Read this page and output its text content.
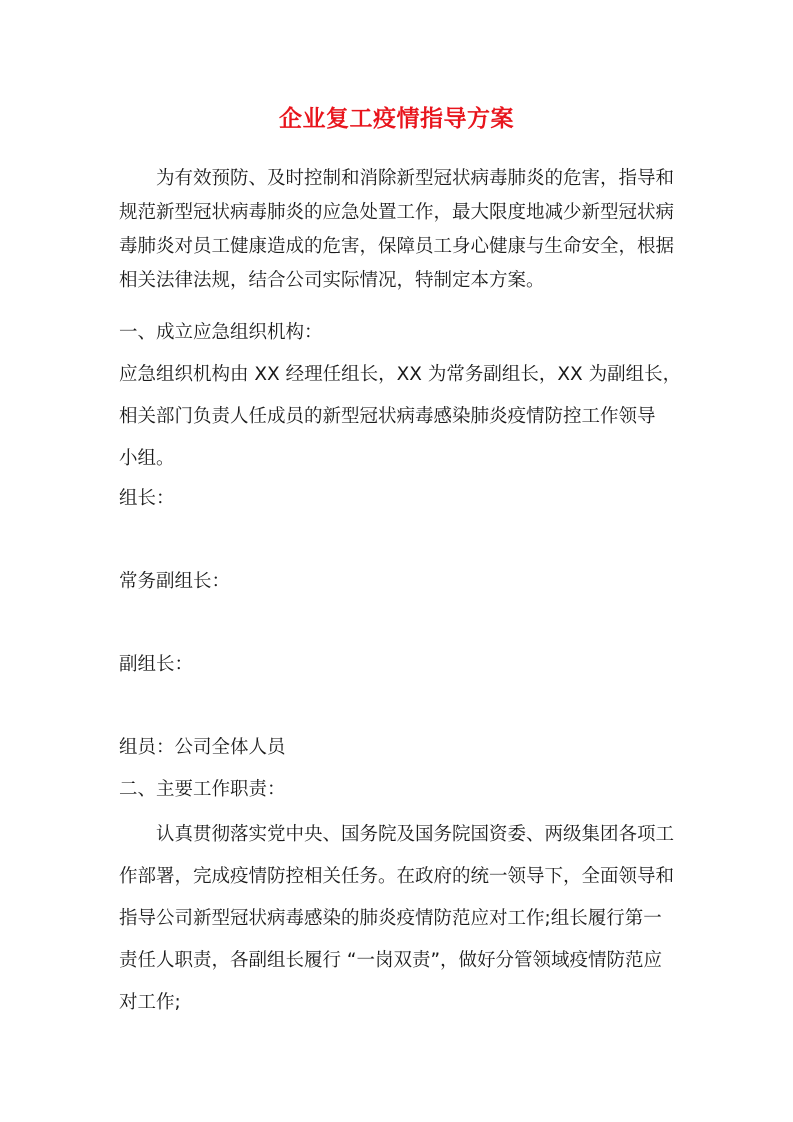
企业复工疫情指导方案
为有效预防、及时控制和消除新型冠状病毒肺炎的危害，指导和
规范新型冠状病毒肺炎的应急处置工作，最大限度地减少新型冠状病
毒肺炎对员工健康造成的危害，保障员工身心健康与生命安全，根据
相关法律法规，结合公司实际情况，特制定本方案。
一、成立应急组织机构：
应急组织机构由 XX 经理任组长，XX 为常务副组长，XX 为副组长，
相关部门负责人任成员的新型冠状病毒感染肺炎疫情防控工作领导
小组。
组长：
常务副组长：
副组长：
组员：公司全体人员
二、主要工作职责：
认真贯彻落实党中央、国务院及国务院国资委、两级集团各项工
作部署，完成疫情防控相关任务。在政府的统一领导下，全面领导和
指导公司新型冠状病毒感染的肺炎疫情防范应对工作;组长履行第一
责任人职责，各副组长履行 “一岗双责”，做好分管领域疫情防范应
对工作;
